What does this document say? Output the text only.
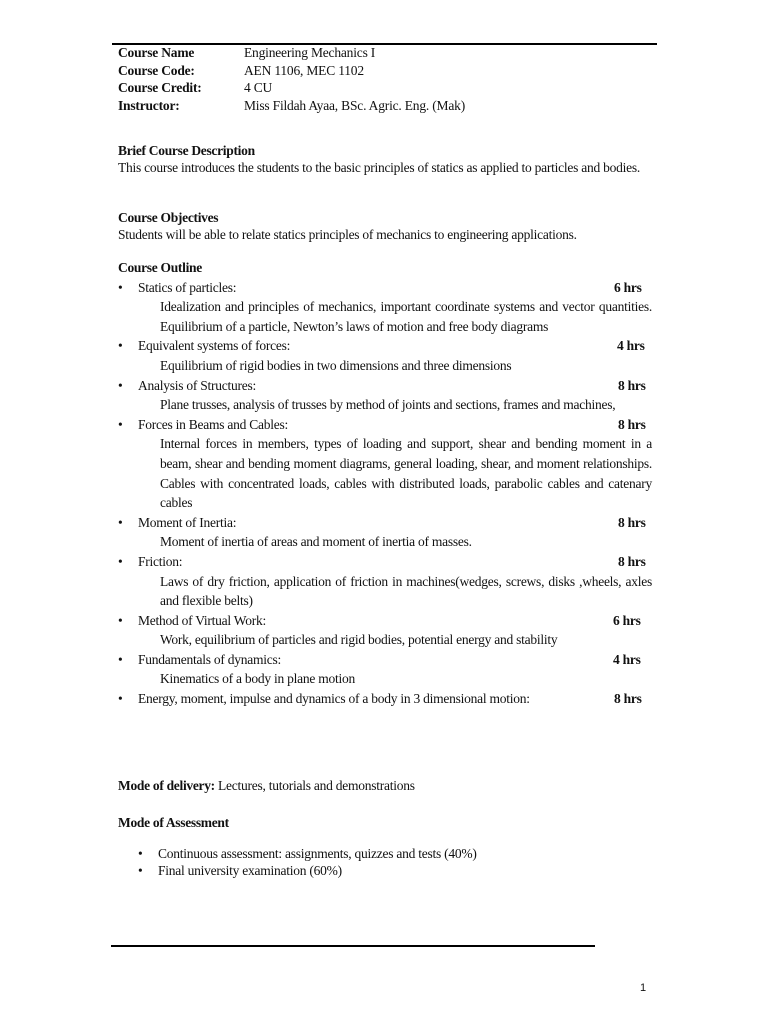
Course Name	Engineering Mechanics I
Course Code:	AEN 1106, MEC 1102
Course Credit:	4 CU
Instructor:	Miss Fildah Ayaa, BSc. Agric. Eng. (Mak)
Brief Course Description
This course introduces the students to the basic principles of statics as applied to particles and bodies.
Course Objectives
Students will be able to relate statics principles of mechanics to engineering applications.
Course Outline
•	Statics of particles:	6 hrs
Idealization and principles of mechanics, important coordinate systems and vector quantities. Equilibrium of a particle, Newton’s laws of motion and free body diagrams
•	Equivalent systems of forces:	4 hrs
Equilibrium of rigid bodies in two dimensions and three dimensions
•	Analysis of Structures:	8 hrs
Plane trusses, analysis of trusses by method of joints and sections, frames and machines,
•	Forces in Beams and Cables:	8 hrs
Internal forces in members, types of loading and support, shear and bending moment in a beam, shear and bending moment diagrams, general loading, shear, and moment relationships. Cables with concentrated loads, cables with distributed loads, parabolic cables and catenary cables
•	Moment of Inertia:	8 hrs
Moment of inertia of areas and moment of inertia of masses.
•	Friction:	8 hrs
Laws of dry friction, application of friction in machines(wedges, screws, disks ,wheels, axles and flexible belts)
•	Method of Virtual Work:	6 hrs
Work, equilibrium of particles and rigid bodies, potential energy and stability
•	Fundamentals of dynamics:	4 hrs
Kinematics of a body in plane motion
•	Energy, moment, impulse and dynamics of a body in 3 dimensional motion:	8 hrs
Mode of delivery: Lectures, tutorials and demonstrations
Mode of Assessment
•	Continuous assessment: assignments, quizzes and tests (40%)
•	Final university examination (60%)
1
